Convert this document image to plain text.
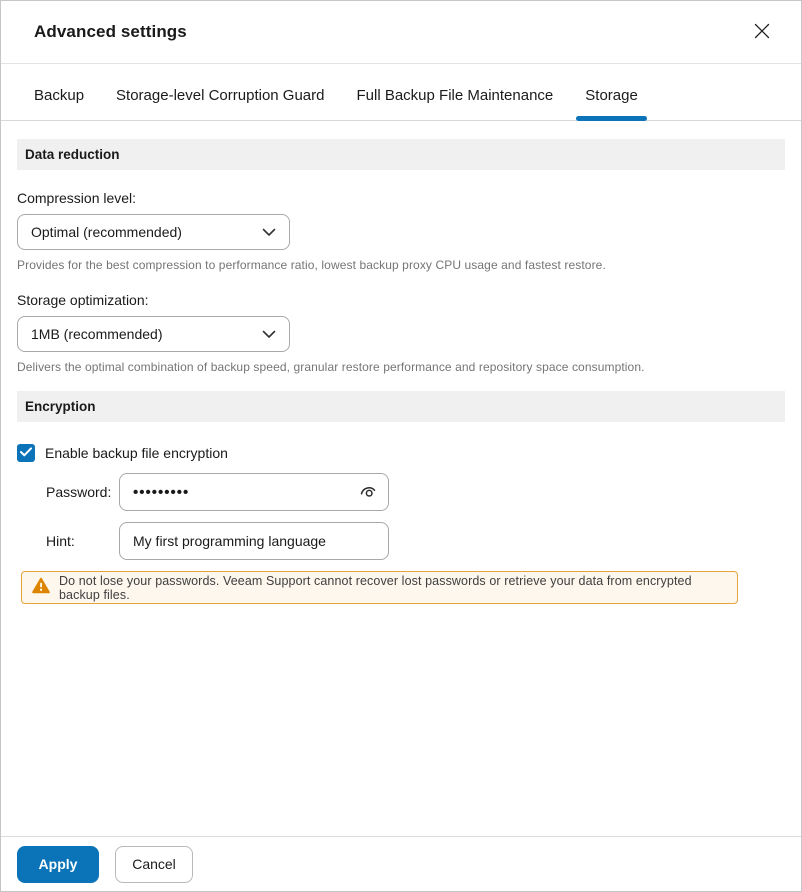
Advanced settings
Backup Storage-level Corruption Guard Full Backup File Maintenance Storage
Data reduction
Compression level:
Optimal (recommended)
Provides for the best compression to performance ratio, lowest backup proxy CPU usage and fastest restore.
Storage optimization:
1MB (recommended)
Delivers the optimal combination of backup speed, granular restore performance and repository space consumption.
Encryption
Enable backup file encryption
Password:
•••••••••
Hint:
My first programming language
Do not lose your passwords. Veeam Support cannot recover lost passwords or retrieve your data from encrypted backup files.
Apply	Cancel
